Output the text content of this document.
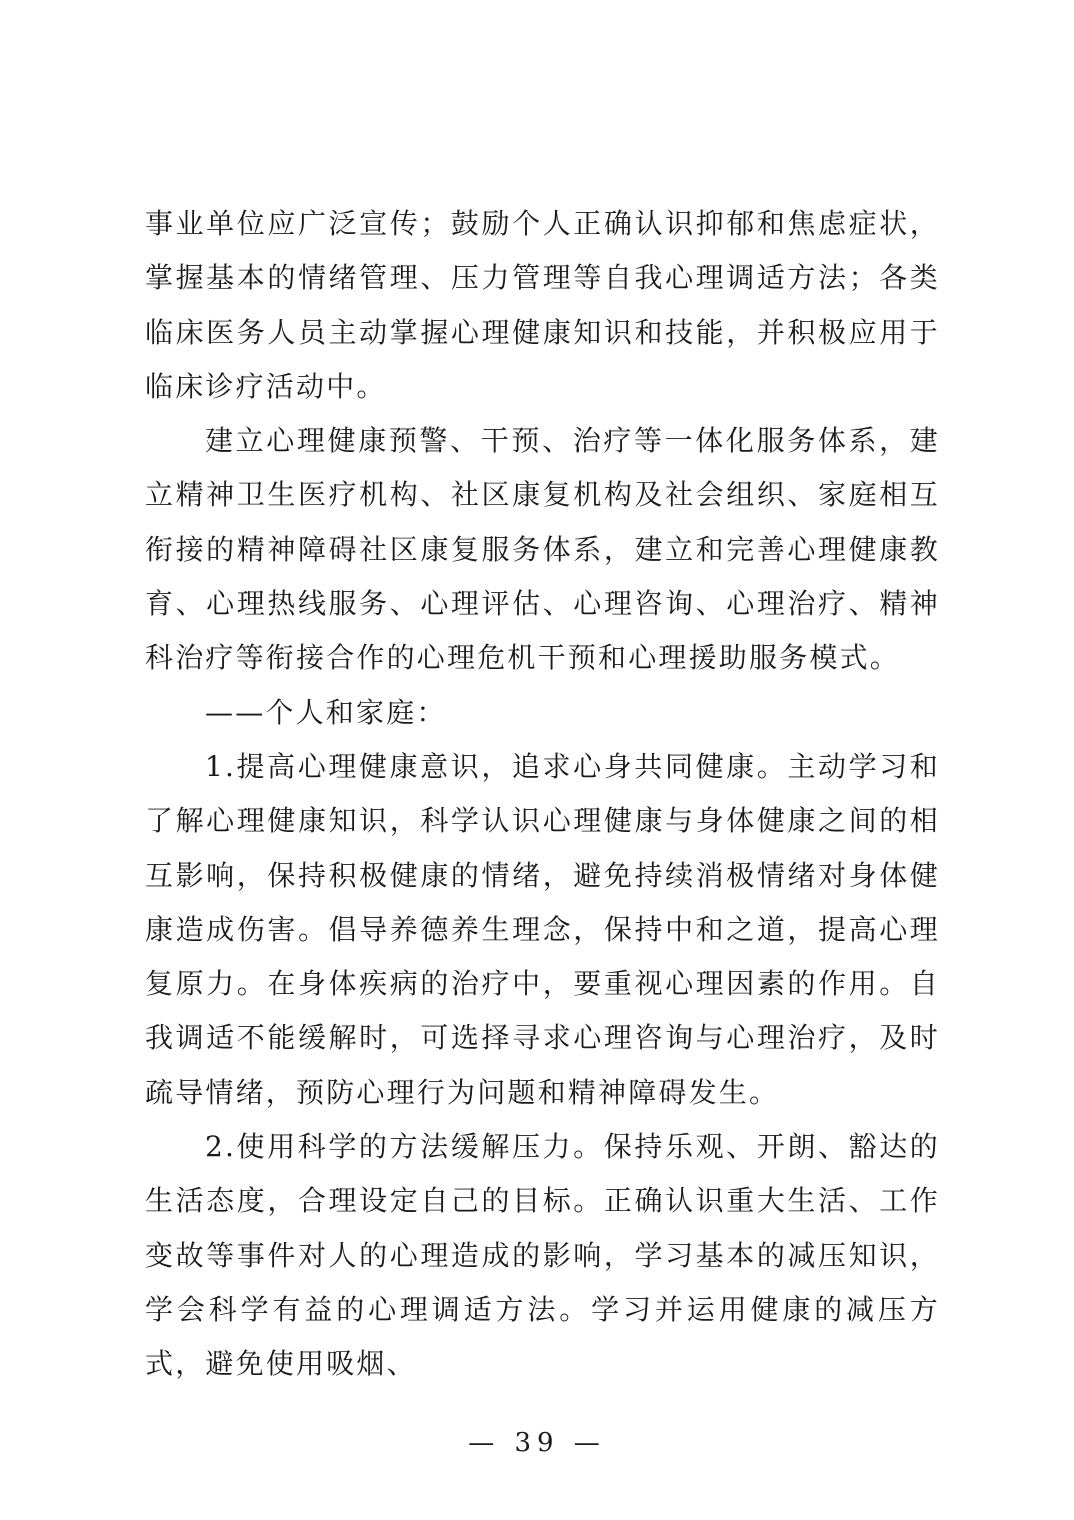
事业单位应广泛宣传；鼓励个人正确认识抑郁和焦虑症状，掌握基本的情绪管理、压力管理等自我心理调适方法；各类临床医务人员主动掌握心理健康知识和技能，并积极应用于临床诊疗活动中。

建立心理健康预警、干预、治疗等一体化服务体系，建立精神卫生医疗机构、社区康复机构及社会组织、家庭相互衔接的精神障碍社区康复服务体系，建立和完善心理健康教育、心理热线服务、心理评估、心理咨询、心理治疗、精神科治疗等衔接合作的心理危机干预和心理援助服务模式。

——个人和家庭：

1.提高心理健康意识，追求心身共同健康。主动学习和了解心理健康知识，科学认识心理健康与身体健康之间的相互影响，保持积极健康的情绪，避免持续消极情绪对身体健康造成伤害。倡导养德养生理念，保持中和之道，提高心理复原力。在身体疾病的治疗中，要重视心理因素的作用。自我调适不能缓解时，可选择寻求心理咨询与心理治疗，及时疏导情绪，预防心理行为问题和精神障碍发生。

2.使用科学的方法缓解压力。保持乐观、开朗、豁达的生活态度，合理设定自己的目标。正确认识重大生活、工作变故等事件对人的心理造成的影响，学习基本的减压知识，学会科学有益的心理调适方法。学习并运用健康的减压方式，避免使用吸烟、

— 39 —
